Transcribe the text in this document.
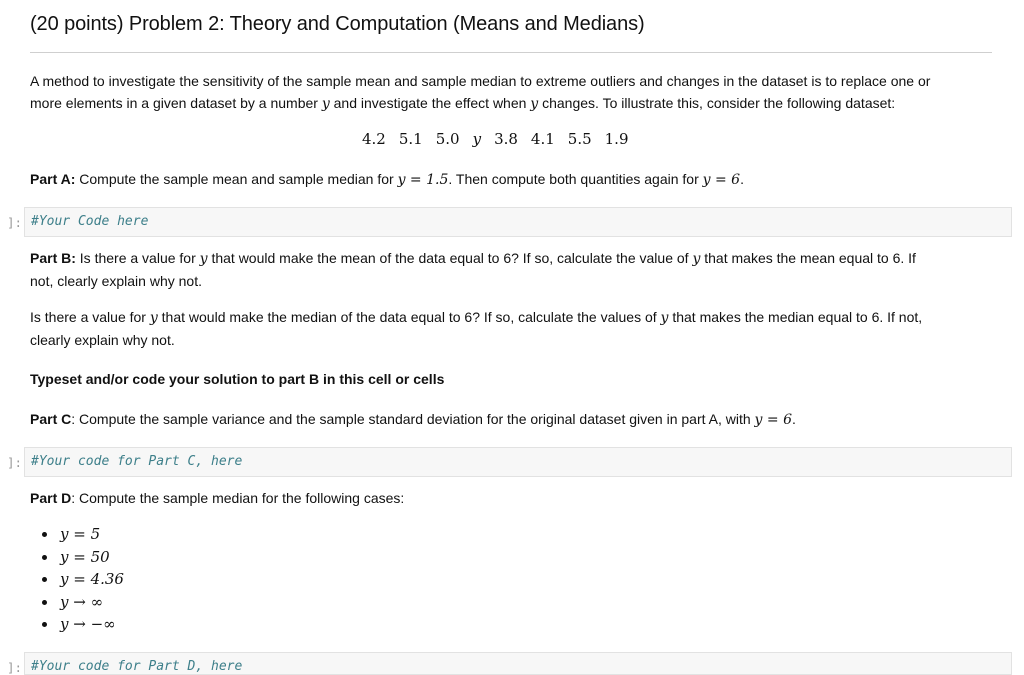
(20 points) Problem 2: Theory and Computation (Means and Medians)

A method to investigate the sensitivity of the sample mean and sample median to extreme outliers and changes in the dataset is to replace one or
more elements in a given dataset by a number y and investigate the effect when y changes. To illustrate this, consider the following dataset:

4.2 5.1 5.0 y 3.8 4.1 5.5 1.9

Part A: Compute the sample mean and sample median for y = 1.5. Then compute both quantities again for y = 6.

]: #Your Code here

Part B: Is there a value for y that would make the mean of the data equal to 6? If so, calculate the value of y that makes the mean equal to 6. If
not, clearly explain why not.

Is there a value for y that would make the median of the data equal to 6? If so, calculate the values of y that makes the median equal to 6. If not,
clearly explain why not.

Typeset and/or code your solution to part B in this cell or cells

Part C: Compute the sample variance and the sample standard deviation for the original dataset given in part A, with y = 6.

]: #Your code for Part C, here

Part D: Compute the sample median for the following cases:

• y = 5
• y = 50
• y = 4.36
• y → ∞
• y → −∞
]: #Your code for Part D, here
